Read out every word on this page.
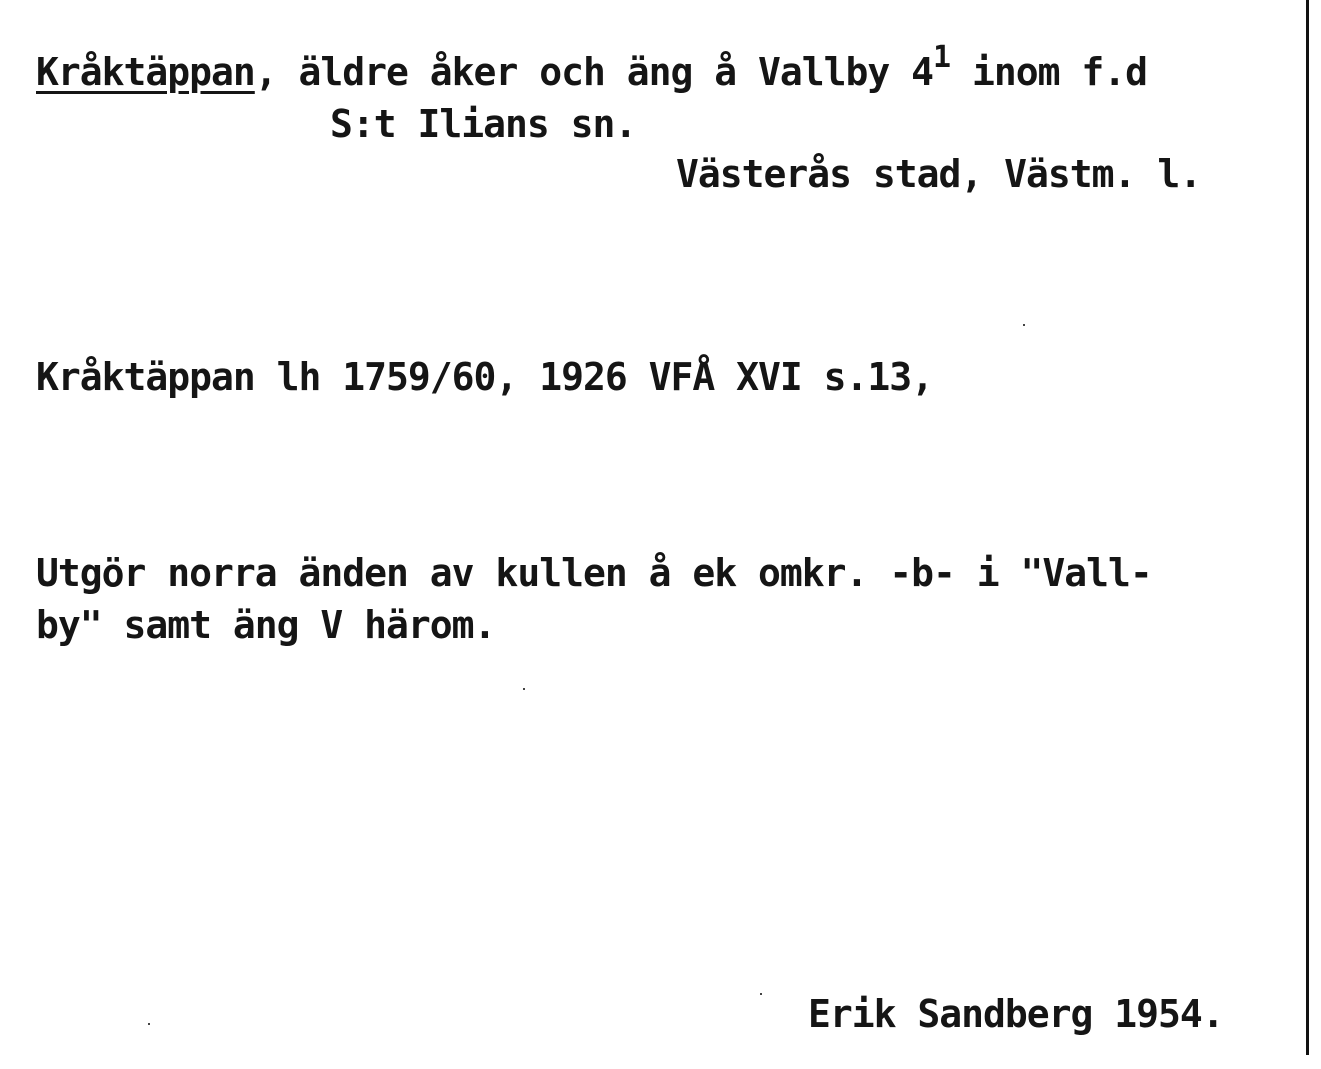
Kråktäppan, äldre åker och äng å Vallby $4^1$ inom f.d
S:t Ilians sn.
Västerås stad, Västm. l.
Kråktäppan lh 1759/60, 1926 VFÅ XVI s.13,
Utgör norra änden av kullen å ek omkr. -b- i "Vall-
by" samt äng V härom.
Erik Sandberg 1954.
